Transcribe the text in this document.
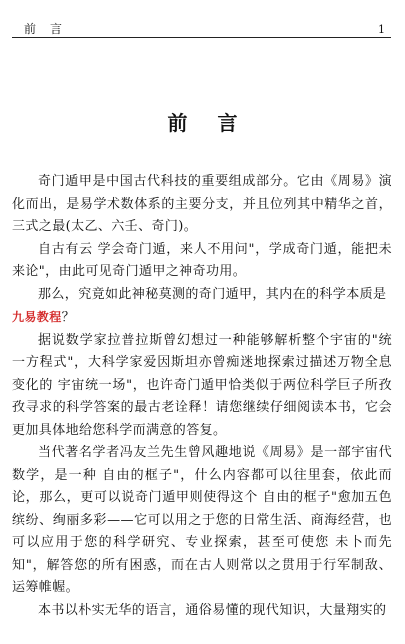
前言	1
前言

奇门遁甲是中国古代科技的重要组成部分。它由《周易》演化而出，是易学术数体系的主要分支，并且位列其中精华之首，三式之最(太乙、六壬、奇门)。

自古有云 学会奇门遁，来人不用问"，学成奇门遁，能把未来论"，由此可见奇门遁甲之神奇功用。

那么，究竟如此神秘莫测的奇门遁甲，其内在的科学本质是

九易教程？

据说数学家拉普拉斯曾幻想过一种能够解析整个宇宙的"统一方程式"，大科学家爱因斯坦亦曾痴迷地探索过描述万物全息变化的 宇宙统一场"，也许奇门遁甲恰类似于两位科学巨子所孜孜寻求的科学答案的最古老诠释！请您继续仔细阅读本书，它会更加具体地给您科学而满意的答复。

当代著名学者冯友兰先生曾风趣地说《周易》是一部宇宙代数学，是一种 自由的框子"，什么内容都可以往里套，依此而论，那么，更可以说奇门遁甲则使得这个 自由的框子"愈加五色缤纷、绚丽多彩——它可以用之于您的日常生活、商海经营，也可以应用于您的科学研究、专业探索，甚至可使您 未卜而先知"，解答您的所有困惑，而在古人则常以之贯用于行军制敌、运筹帷幄。

本书以朴实无华的语言，通俗易懂的现代知识，大量翔实的
